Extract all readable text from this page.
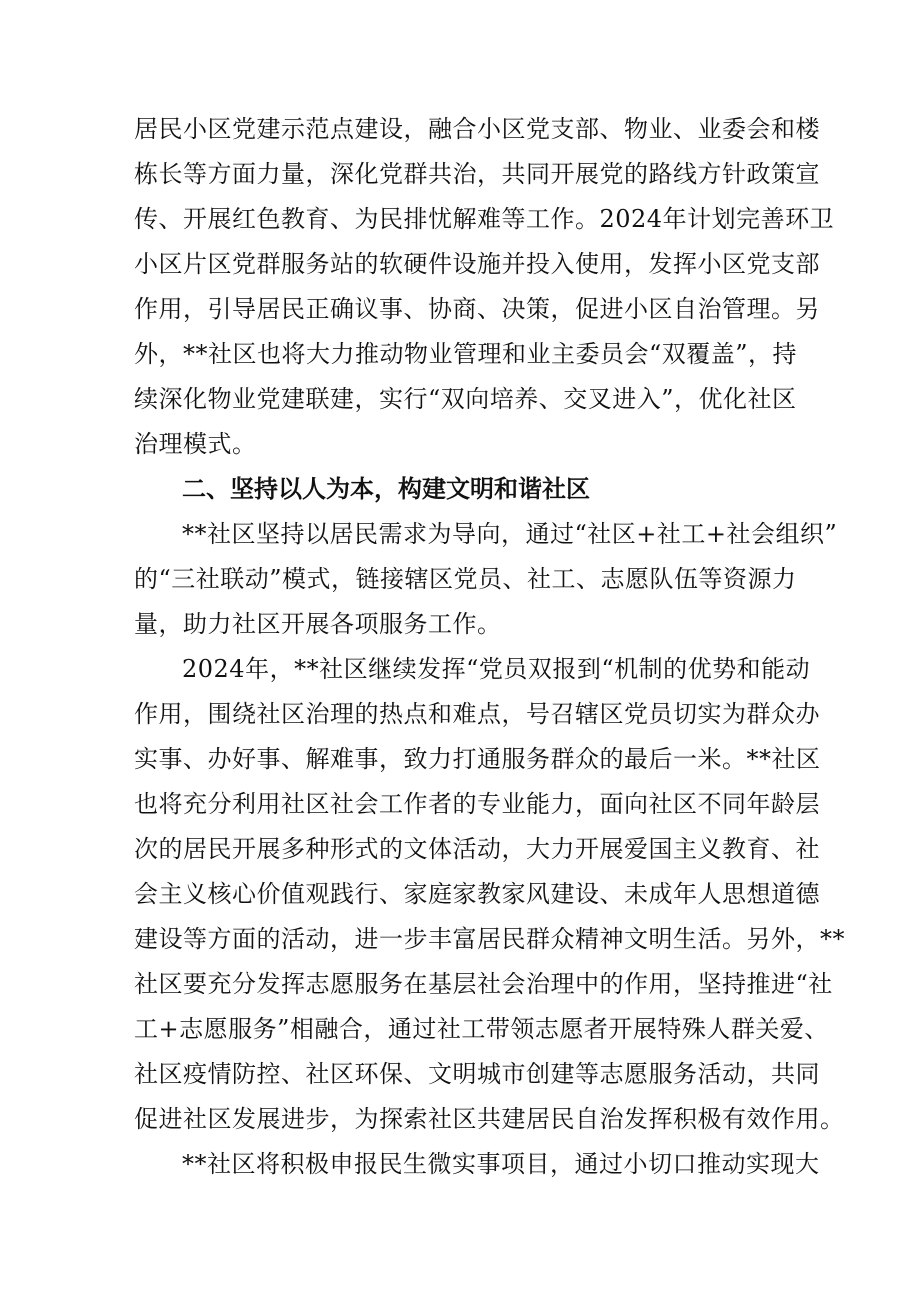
居民小区党建示范点建设，融合小区党支部、物业、业委会和楼
栋长等方面力量，深化党群共治，共同开展党的路线方针政策宣
传、开展红色教育、为民排忧解难等工作。2024年计划完善环卫
小区片区党群服务站的软硬件设施并投入使用，发挥小区党支部
作用，引导居民正确议事、协商、决策，促进小区自治管理。另
外，**社区也将大力推动物业管理和业主委员会“双覆盖”，持
续深化物业党建联建，实行“双向培养、交叉进入”，优化社区
治理模式。
二、坚持以人为本，构建文明和谐社区
**社区坚持以居民需求为导向，通过“社区+社工+社会组织”
的“三社联动”模式，链接辖区党员、社工、志愿队伍等资源力
量，助力社区开展各项服务工作。
2024年，**社区继续发挥“党员双报到“机制的优势和能动
作用，围绕社区治理的热点和难点，号召辖区党员切实为群众办
实事、办好事、解难事，致力打通服务群众的最后一米。**社区
也将充分利用社区社会工作者的专业能力，面向社区不同年龄层
次的居民开展多种形式的文体活动，大力开展爱国主义教育、社
会主义核心价值观践行、家庭家教家风建设、未成年人思想道德
建设等方面的活动，进一步丰富居民群众精神文明生活。另外，**
社区要充分发挥志愿服务在基层社会治理中的作用，坚持推进“社
工+志愿服务”相融合，通过社工带领志愿者开展特殊人群关爱、
社区疫情防控、社区环保、文明城市创建等志愿服务活动，共同
促进社区发展进步，为探索社区共建居民自治发挥积极有效作用。
**社区将积极申报民生微实事项目，通过小切口推动实现大
